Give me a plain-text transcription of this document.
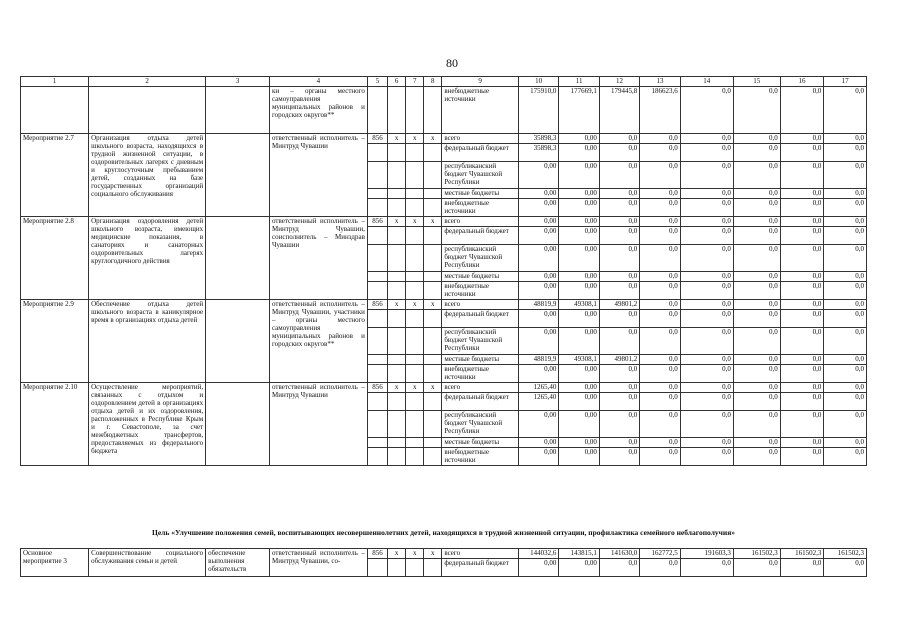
80
1	2	3	4	5	6	7	8	9	10	11	12	13	14	15	16	17
			ки – органы местного самоуправления муниципальных районов и городских округов**					внебюджетные источники	175910,0	177669,1	179445,8	186623,6	0,0	0,0	0,0	0,0
Мероприятие 2.7	Организация отдыха детей школьного возраста, находящихся в трудной жизненной ситуации, в оздоровительных лагерях с дневным и круглосуточным пребыванием детей, созданных на базе государственных организаций социального обслуживания		ответственный исполнитель – Минтруд Чувашии	856	x	x	x	всего	35898,3	0,00	0,0	0,0	0,0	0,0	0,0	0,0
								федеральный бюджет	35898,3	0,00	0,0	0,0	0,0	0,0	0,0	0,0
								республиканский бюджет Чувашской Республики	0,00	0,00	0,0	0,0	0,0	0,0	0,0	0,0
								местные бюджеты	0,00	0,00	0,0	0,0	0,0	0,0	0,0	0,0
								внебюджетные источники	0,00	0,00	0,0	0,0	0,0	0,0	0,0	0,0
Мероприятие 2.8	Организация оздоровления детей школьного возраста, имеющих медицинские показания, в санаториях и санаторных оздоровительных лагерях круглогодичного действия		ответственный исполнитель – Минтруд Чувашии, соисполнитель – Минздрав Чувашии	856	x	x	x	всего	0,00	0,00	0,0	0,0	0,0	0,0	0,0	0,0
								федеральный бюджет	0,00	0,00	0,0	0,0	0,0	0,0	0,0	0,0
								республиканский бюджет Чувашской Республики	0,00	0,00	0,0	0,0	0,0	0,0	0,0	0,0
								местные бюджеты	0,00	0,00	0,0	0,0	0,0	0,0	0,0	0,0
								внебюджетные источники	0,00	0,00	0,0	0,0	0,0	0,0	0,0	0,0
Мероприятие 2.9	Обеспечение отдыха детей школьного возраста в каникулярное время в организациях отдыха детей		ответственный исполнитель – Минтруд Чувашии, участники – органы местного самоуправления муниципальных районов и городских округов**	856	x	x	x	всего	48819,9	49308,1	49801,2	0,0	0,0	0,0	0,0	0,0
								федеральный бюджет	0,00	0,00	0,0	0,0	0,0	0,0	0,0	0,0
								республиканский бюджет Чувашской Республики	0,00	0,00	0,0	0,0	0,0	0,0	0,0	0,0
								местные бюджеты	48819,9	49308,1	49801,2	0,0	0,0	0,0	0,0	0,0
								внебюджетные источники	0,00	0,00	0,0	0,0	0,0	0,0	0,0	0,0
Мероприятие 2.10	Осуществление мероприятий, связанных с отдыхом и оздоровлением детей в организациях отдыха детей и их оздоровления, расположенных в Республике Крым и г. Севастополе, за счет межбюджетных трансфертов, предоставляемых из федерального бюджета		ответственный исполнитель – Минтруд Чувашии	856	x	x	x	всего	1265,40	0,00	0,0	0,0	0,0	0,0	0,0	0,0
								федеральный бюджет	1265,40	0,00	0,0	0,0	0,0	0,0	0,0	0,0
								республиканский бюджет Чувашской Республики	0,00	0,00	0,0	0,0	0,0	0,0	0,0	0,0
								местные бюджеты	0,00	0,00	0,0	0,0	0,0	0,0	0,0	0,0
								внебюджетные источники	0,00	0,00	0,0	0,0	0,0	0,0	0,0	0,0
Цель «Улучшение положения семей, воспитывающих несовершеннолетних детей, находящихся в трудной жизненной ситуации, профилактика семейного неблагополучия»
Основное мероприятие 3	Совершенствование социального обслуживания семьи и детей	обеспечение выполнения обязательств	ответственный исполнитель – Минтруд Чувашии, со-	856	x	x	x	всего	144032,6	143815,1	141630,0	162772,5	191603,3	161502,3	161502,3	161502,3
								федеральный бюджет	0,00	0,00	0,0	0,0	0,0	0,0	0,0	0,0
